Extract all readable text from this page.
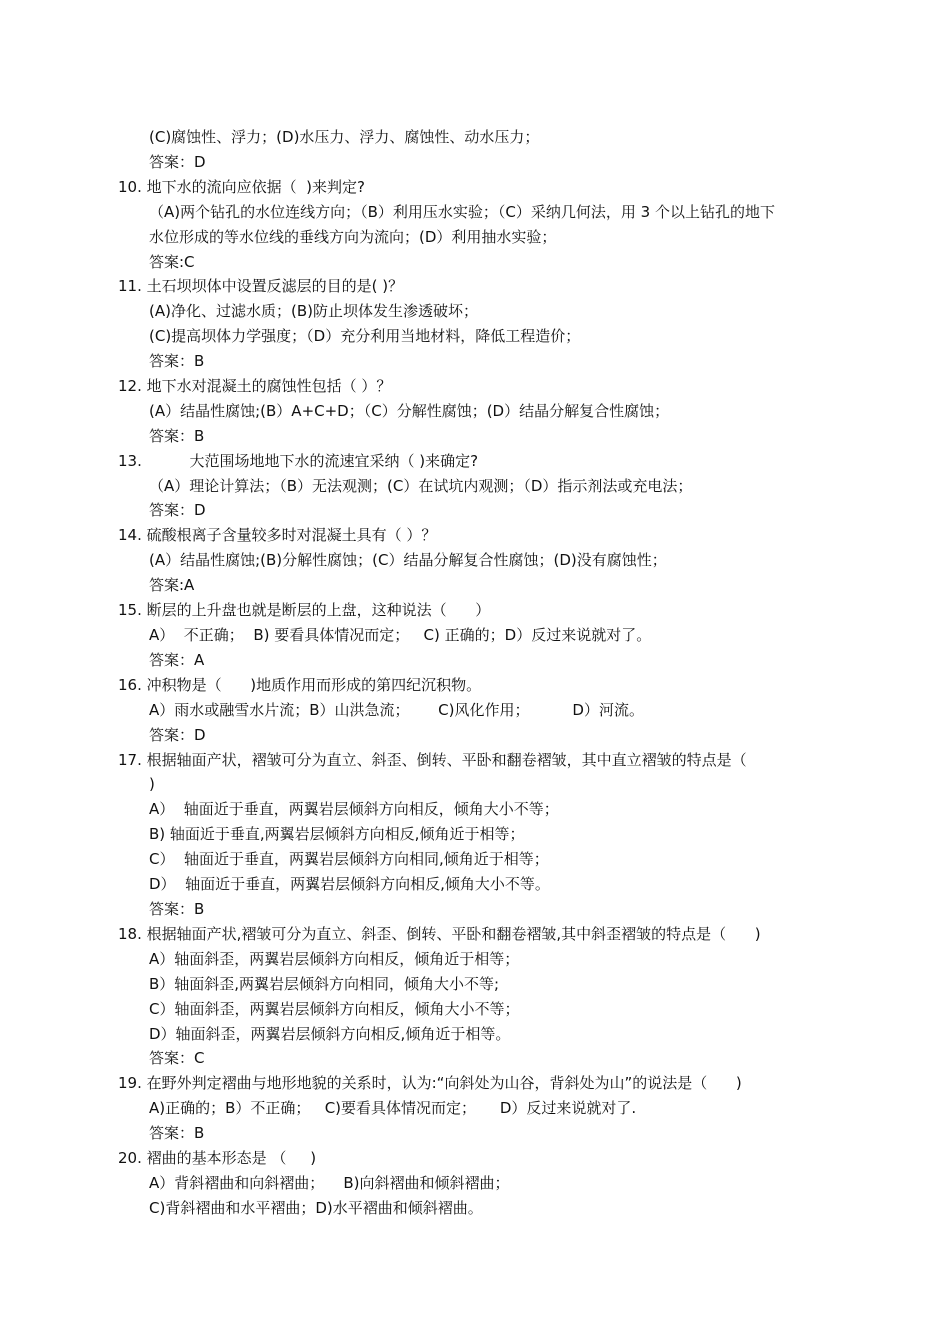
(C)腐蚀性、浮力；(D)水压力、浮力、腐蚀性、动水压力；
答案：D
10. 地下水的流向应依据（  )来判定?
（A)两个钻孔的水位连线方向；（B）利用压水实验；（C）采纳几何法，用 3 个以上钻孔的地下
水位形成的等水位线的垂线方向为流向；(D）利用抽水实验；
答案:C
11. 土石坝坝体中设置反滤层的目的是( )？
(A)净化、过滤水质；(B)防止坝体发生渗透破坏；
(C)提高坝体力学强度；（D）充分利用当地材料，降低工程造价；
答案：B
12. 地下水对混凝土的腐蚀性包括（ ）？
(A）结晶性腐蚀;(B）A+C+D；（C）分解性腐蚀；(D）结晶分解复合性腐蚀；
答案：B
13.          大范围场地地下水的流速宜采纳（ )来确定?
（A）理论计算法；（B）无法观测；(C）在试坑内观测；（D）指示剂法或充电法；
答案：D
14. 硫酸根离子含量较多时对混凝土具有（ ）？
(A）结晶性腐蚀;(B)分解性腐蚀；(C）结晶分解复合性腐蚀；(D)没有腐蚀性；
答案:A
15. 断层的上升盘也就是断层的上盘，这种说法（      ）
A）  不正确；  B) 要看具体情况而定；   C) 正确的；D）反过来说就对了。
答案：A
16. 冲积物是（      )地质作用而形成的第四纪沉积物。
A）雨水或融雪水片流；B）山洪急流；      C)风化作用；         D）河流。
答案：D
17. 根据轴面产状，褶皱可分为直立、斜歪、倒转、平卧和翻卷褶皱，其中直立褶皱的特点是（
)
A）  轴面近于垂直，两翼岩层倾斜方向相反，倾角大小不等；
B) 轴面近于垂直,两翼岩层倾斜方向相反,倾角近于相等；
C）  轴面近于垂直，两翼岩层倾斜方向相同,倾角近于相等；
D）  轴面近于垂直，两翼岩层倾斜方向相反,倾角大小不等。
答案：B
18. 根据轴面产状,褶皱可分为直立、斜歪、倒转、平卧和翻卷褶皱,其中斜歪褶皱的特点是（      )
A）轴面斜歪，两翼岩层倾斜方向相反，倾角近于相等；
B）轴面斜歪,两翼岩层倾斜方向相同，倾角大小不等;
C）轴面斜歪，两翼岩层倾斜方向相反，倾角大小不等；
D）轴面斜歪，两翼岩层倾斜方向相反,倾角近于相等。
答案：C
19. 在野外判定褶曲与地形地貌的关系时，认为:“向斜处为山谷，背斜处为山”的说法是（      )
A)正确的；B）不正确；   C)要看具体情况而定；     D）反过来说就对了.
答案：B
20. 褶曲的基本形态是 （     )
A）背斜褶曲和向斜褶曲；    B)向斜褶曲和倾斜褶曲；
C)背斜褶曲和水平褶曲；D)水平褶曲和倾斜褶曲。
